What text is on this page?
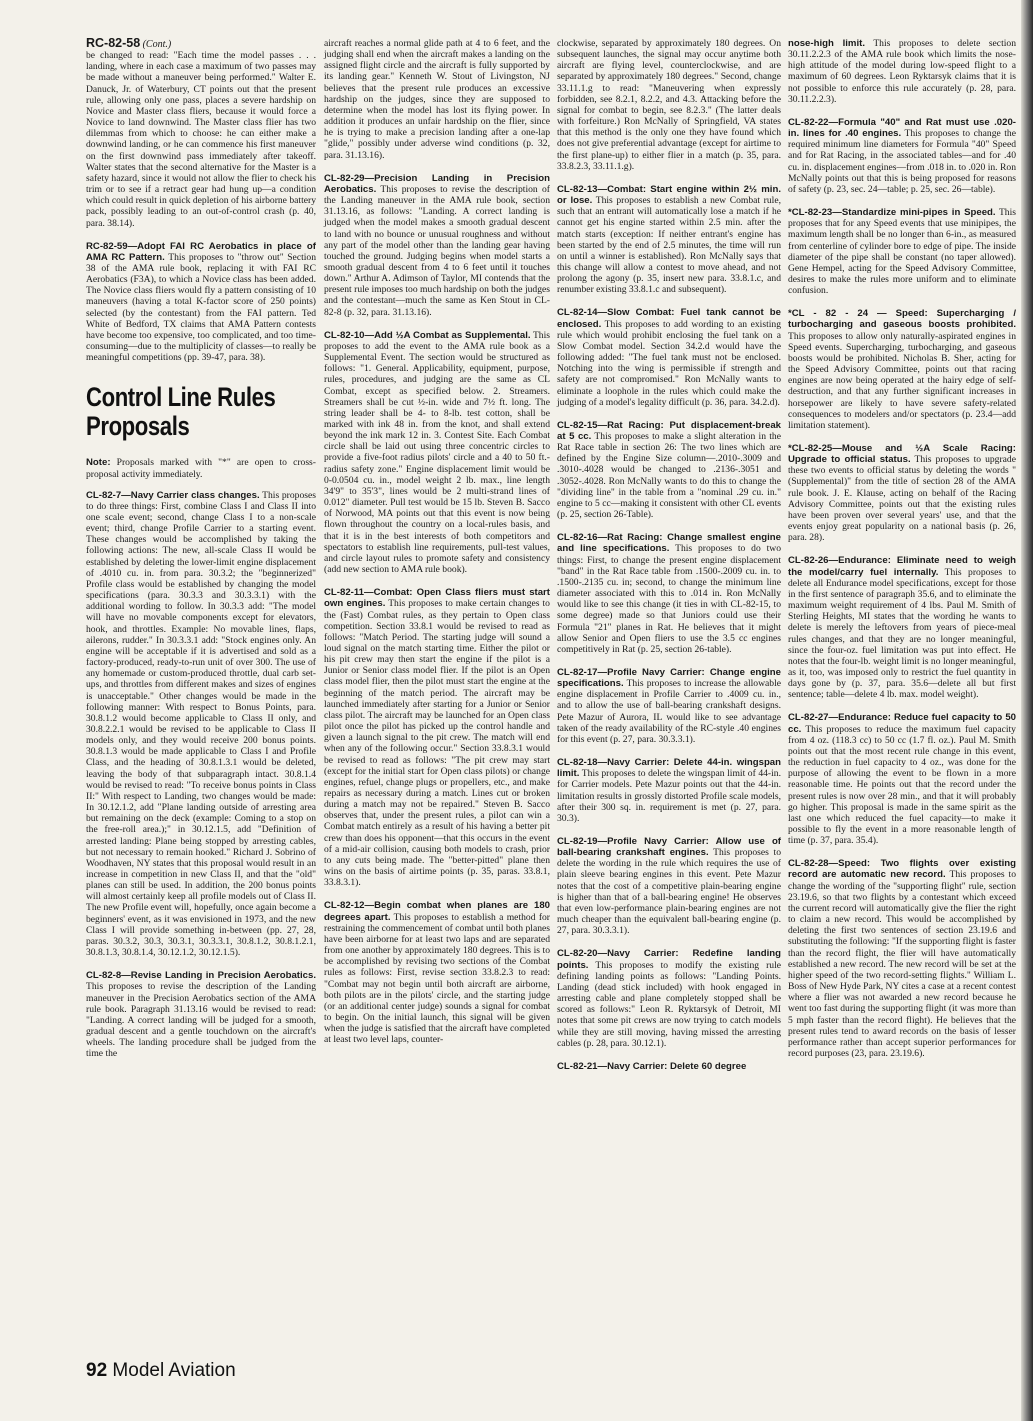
RC-82-58 (Cont.)
be changed to read: "Each time the model passes . . . landing, where in each case a maximum of two passes may be made without a maneuver being performed." Walter E. Danuck, Jr. of Waterbury, CT points out that the present rule, allowing only one pass, places a severe hardship on Novice and Master class fliers, because it would force a Novice to land downwind. The Master class flier has two dilemmas from which to choose: he can either make a downwind landing, or he can commence his first maneuver on the first downwind pass immediately after takeoff. Walter states that the second alternative for the Master is a safety hazard, since it would not allow the flier to check his trim or to see if a retract gear had hung up—a condition which could result in quick depletion of his airborne battery pack, possibly leading to an out-of-control crash (p. 40, para. 38.14).
RC-82-59—Adopt FAI RC Aerobatics in place of AMA RC Pattern. This proposes to "throw out" Section 38 of the AMA rule book, replacing it with FAI RC Aerobatics (F3A), to which a Novice class has been added. The Novice class fliers would fly a pattern consisting of 10 maneuvers (having a total K-factor score of 250 points) selected (by the contestant) from the FAI pattern. Ted White of Bedford, TX claims that AMA Pattern contests have become too expensive, too complicated, and too time-consuming—due to the multiplicity of classes—to really be meaningful competitions (pp. 39-47, para. 38).
Control Line Rules
Proposals
Note: Proposals marked with "*" are open to cross-proposal activity immediately.
CL-82-7—Navy Carrier class changes. This proposes to do three things: First, combine Class I and Class II into one scale event; second, change Class I to a non-scale event; third, change Profile Carrier to a starting event. These changes would be accomplished by taking the following actions: The new, all-scale Class II would be established by deleting the lower-limit engine displacement of .4010 cu. in. from para. 30.3.2; the "beginnerized" Profile class would be established by changing the model specifications (para. 30.3.3 and 30.3.3.1) with the additional wording to follow. In 30.3.3 add: "The model will have no movable components except for elevators, hook, and throttles. Example: No movable lines, flaps, ailerons, rudder." In 30.3.3.1 add: "Stock engines only. An engine will be acceptable if it is advertised and sold as a factory-produced, ready-to-run unit of over 300. The use of any homemade or custom-produced throttle, dual carb set-ups, and throttles from different makes and sizes of engines is unacceptable." Other changes would be made in the following manner: With respect to Bonus Points, para. 30.8.1.2 would become applicable to Class II only, and 30.8.2.2.1 would be revised to be applicable to Class II models only, and they would receive 200 bonus points. 30.8.1.3 would be made applicable to Class I and Profile Class, and the heading of 30.8.1.3.1 would be deleted, leaving the body of that subparagraph intact. 30.8.1.4 would be revised to read: "To receive bonus points in Class II:" With respect to Landing, two changes would be made: In 30.12.1.2, add "Plane landing outside of arresting area but remaining on the deck (example: Coming to a stop on the free-roll area.);" in 30.12.1.5, add "Definition of arrested landing: Plane being stopped by arresting cables, but not necessary to remain hooked." Richard J. Sobrino of Woodhaven, NY states that this proposal would result in an increase in competition in new Class II, and that the "old" planes can still be used. In addition, the 200 bonus points will almost certainly keep all profile models out of Class II. The new Profile event will, hopefully, once again become a beginners' event, as it was envisioned in 1973, and the new Class I will provide something in-between (pp. 27, 28, paras. 30.3.2, 30.3, 30.3.1, 30.3.3.1, 30.8.1.2, 30.8.1.2.1, 30.8.1.3, 30.8.1.4, 30.12.1.2, 30.12.1.5).
CL-82-8—Revise Landing in Precision Aerobatics. This proposes to revise the description of the Landing maneuver in the Precision Aerobatics section of the AMA rule book. Paragraph 31.13.16 would be revised to read: "Landing. A correct landing will be judged for a smooth, gradual descent and a gentle touchdown on the aircraft's wheels. The landing procedure shall be judged from the time the
aircraft reaches a normal glide path at 4 to 6 feet, and the judging shall end when the aircraft makes a landing on the assigned flight circle and the aircraft is fully supported by its landing gear." Kenneth W. Stout of Livingston, NJ believes that the present rule produces an excessive hardship on the judges, since they are supposed to determine when the model has lost its flying power. In addition it produces an unfair hardship on the flier, since he is trying to make a precision landing after a one-lap "glide," possibly under adverse wind conditions (p. 32, para. 31.13.16).
CL-82-29—Precision Landing in Precision Aerobatics. This proposes to revise the description of the Landing maneuver in the AMA rule book, section 31.13.16, as follows: "Landing. A correct landing is judged when the model makes a smooth gradual descent to land with no bounce or unusual roughness and without any part of the model other than the landing gear having touched the ground. Judging begins when model starts a smooth gradual descent from 4 to 6 feet until it touches down." Arthur A. Adimson of Taylor, MI contends that the present rule imposes too much hardship on both the judges and the contestant—much the same as Ken Stout in CL-82-8 (p. 32, para. 31.13.16).
CL-82-10—Add ½A Combat as Supplemental. This proposes to add the event to the AMA rule book as a Supplemental Event. The section would be structured as follows: "1. General. Applicability, equipment, purpose, rules, procedures, and judging are the same as CL Combat, except as specified below. 2. Streamers. Streamers shall be cut ½-in. wide and 7½ ft. long. The string leader shall be 4- to 8-lb. test cotton, shall be marked with ink 48 in. from the knot, and shall extend beyond the ink mark 12 in. 3. Contest Site. Each Combat circle shall be laid out using three concentric circles to provide a five-foot radius pilots' circle and a 40 to 50 ft.-radius safety zone." Engine displacement limit would be 0-0.0504 cu. in., model weight 2 lb. max., line length 34'9" to 35'3", lines would be 2 multi-strand lines of 0.012" diameter. Pull test would be 15 lb. Steven B. Sacco of Norwood, MA points out that this event is now being flown throughout the country on a local-rules basis, and that it is in the best interests of both competitors and spectators to establish line requirements, pull-test values, and circle layout rules to promote safety and consistency (add new section to AMA rule book).
CL-82-11—Combat: Open Class fliers must start own engines. This proposes to make certain changes to the (Fast) Combat rules, as they pertain to Open class competition. Section 33.8.1 would be revised to read as follows: "Match Period. The starting judge will sound a loud signal on the match starting time. Either the pilot or his pit crew may then start the engine if the pilot is a Junior or Senior class model flier. If the pilot is an Open class model flier, then the pilot must start the engine at the beginning of the match period. The aircraft may be launched immediately after starting for a Junior or Senior class pilot. The aircraft may be launched for an Open class pilot once the pilot has picked up the control handle and given a launch signal to the pit crew. The match will end when any of the following occur." Section 33.8.3.1 would be revised to read as follows: "The pit crew may start (except for the initial start for Open class pilots) or change engines, refuel, change plugs or propellers, etc., and make repairs as necessary during a match. Lines cut or broken during a match may not be repaired." Steven B. Sacco observes that, under the present rules, a pilot can win a Combat match entirely as a result of his having a better pit crew than does his opponent—that this occurs in the event of a mid-air collision, causing both models to crash, prior to any cuts being made. The "better-pitted" plane then wins on the basis of airtime points (p. 35, paras. 33.8.1, 33.8.3.1).
CL-82-12—Begin combat when planes are 180 degrees apart. This proposes to establish a method for restraining the commencement of combat until both planes have been airborne for at least two laps and are separated from one another by approximately 180 degrees. This is to be accomplished by revising two sections of the Combat rules as follows: First, revise section 33.8.2.3 to read: "Combat may not begin until both aircraft are airborne, both pilots are in the pilots' circle, and the starting judge (or an additional center judge) sounds a signal for combat to begin. On the initial launch, this signal will be given when the judge is satisfied that the aircraft have completed at least two level laps, counter-
clockwise, separated by approximately 180 degrees. On subsequent launches, the signal may occur anytime both aircraft are flying level, counterclockwise, and are separated by approximately 180 degrees." Second, change 33.11.1.g to read: "Maneuvering when expressly forbidden, see 8.2.1, 8.2.2, and 4.3. Attacking before the signal for combat to begin, see 8.2.3." (The latter deals with forfeiture.) Ron McNally of Springfield, VA states that this method is the only one they have found which does not give preferential advantage (except for airtime to the first plane-up) to either flier in a match (p. 35, para. 33.8.2.3, 33.11.1.g).
CL-82-13—Combat: Start engine within 2½ min. or lose. This proposes to establish a new Combat rule, such that an entrant will automatically lose a match if he cannot get his engine started within 2.5 min. after the match starts (exception: If neither entrant's engine has been started by the end of 2.5 minutes, the time will run on until a winner is established). Ron McNally says that this change will allow a contest to move ahead, and not prolong the agony (p. 35, insert new para. 33.8.1.c, and renumber existing 33.8.1.c and subsequent).
CL-82-14—Slow Combat: Fuel tank cannot be enclosed. This proposes to add wording to an existing rule which would prohibit enclosing the fuel tank on a Slow Combat model. Section 34.2.d would have the following added: "The fuel tank must not be enclosed. Notching into the wing is permissible if strength and safety are not compromised." Ron McNally wants to eliminate a loophole in the rules which could make the judging of a model's legality difficult (p. 36, para. 34.2.d).
CL-82-15—Rat Racing: Put displacement-break at 5 cc. This proposes to make a slight alteration in the Rat Race table in section 26: The two lines which are defined by the Engine Size column—.2010-.3009 and .3010-.4028 would be changed to .2136-.3051 and .3052-.4028. Ron McNally wants to do this to change the "dividing line" in the table from a "nominal .29 cu. in." engine to 5 cc—making it consistent with other CL events (p. 25, section 26-Table).
CL-82-16—Rat Racing: Change smallest engine and line specifications. This proposes to do two things: First, to change the present engine displacement "band" in the Rat Race table from .1500-.2009 cu. in. to .1500-.2135 cu. in; second, to change the minimum line diameter associated with this to .014 in. Ron McNally would like to see this change (it ties in with CL-82-15, to some degree) made so that Juniors could use their Formula "21" planes in Rat. He believes that it might allow Senior and Open fliers to use the 3.5 cc engines competitively in Rat (p. 25, section 26-table).
CL-82-17—Profile Navy Carrier: Change engine specifications. This proposes to increase the allowable engine displacement in Profile Carrier to .4009 cu. in., and to allow the use of ball-bearing crankshaft designs. Pete Mazur of Aurora, IL would like to see advantage taken of the ready availability of the RC-style .40 engines for this event (p. 27, para. 30.3.3.1).
CL-82-18—Navy Carrier: Delete 44-in. wingspan limit. This proposes to delete the wingspan limit of 44-in. for Carrier models. Pete Mazur points out that the 44-in. limitation results in grossly distorted Profile scale models, after their 300 sq. in. requirement is met (p. 27, para. 30.3).
CL-82-19—Profile Navy Carrier: Allow use of ball-bearing crankshaft engines. This proposes to delete the wording in the rule which requires the use of plain sleeve bearing engines in this event. Pete Mazur notes that the cost of a competitive plain-bearing engine is higher than that of a ball-bearing engine! He observes that even low-performance plain-bearing engines are not much cheaper than the equivalent ball-bearing engine (p. 27, para. 30.3.3.1).
CL-82-20—Navy Carrier: Redefine landing points. This proposes to modify the existing rule defining landing points as follows: "Landing Points. Landing (dead stick included) with hook engaged in arresting cable and plane completely stopped shall be scored as follows:" Leon R. Ryktarsyk of Detroit, MI notes that some pit crews are now trying to catch models while they are still moving, having missed the arresting cables (p. 28, para. 30.12.1).
CL-82-21—Navy Carrier: Delete 60 degree
nose-high limit. This proposes to delete section 30.11.2.2.3 of the AMA rule book which limits the nose-high attitude of the model during low-speed flight to a maximum of 60 degrees. Leon Ryktarsyk claims that it is not possible to enforce this rule accurately (p. 28, para. 30.11.2.2.3).
CL-82-22—Formula "40" and Rat must use .020-in. lines for .40 engines. This proposes to change the required minimum line diameters for Formula "40" Speed and for Rat Racing, in the associated tables—and for .40 cu. in. displacement engines—from .018 in. to .020 in. Ron McNally points out that this is being proposed for reasons of safety (p. 23, sec. 24—table; p. 25, sec. 26—table).
*CL-82-23—Standardize mini-pipes in Speed. This proposes that for any Speed events that use minipipes, the maximum length shall be no longer than 6-in., as measured from centerline of cylinder bore to edge of pipe. The inside diameter of the pipe shall be constant (no taper allowed). Gene Hempel, acting for the Speed Advisory Committee, desires to make the rules more uniform and to eliminate confusion.
*CL - 82 - 24 — Speed: Supercharging / turbocharging and gaseous boosts prohibited. This proposes to allow only naturally-aspirated engines in Speed events. Supercharging, turbocharging, and gaseous boosts would be prohibited. Nicholas B. Sher, acting for the Speed Advisory Committee, points out that racing engines are now being operated at the hairy edge of self-destruction, and that any further significant increases in horsepower are likely to have severe safety-related consequences to modelers and/or spectators (p. 23.4—add limitation statement).
*CL-82-25—Mouse and ½A Scale Racing: Upgrade to official status. This proposes to upgrade these two events to official status by deleting the words "(Supplemental)" from the title of section 28 of the AMA rule book. J. E. Klause, acting on behalf of the Racing Advisory Committee, points out that the existing rules have been proven over several years' use, and that the events enjoy great popularity on a national basis (p. 26, para. 28).
CL-82-26—Endurance: Eliminate need to weigh the model/carry fuel internally. This proposes to delete all Endurance model specifications, except for those in the first sentence of paragraph 35.6, and to eliminate the maximum weight requirement of 4 lbs. Paul M. Smith of Sterling Heights, MI states that the wording he wants to delete is merely the leftovers from years of piece-meal rules changes, and that they are no longer meaningful, since the four-oz. fuel limitation was put into effect. He notes that the four-lb. weight limit is no longer meaningful, as it, too, was imposed only to restrict the fuel quantity in days gone by (p. 37, para. 35.6—delete all but first sentence; table—delete 4 lb. max. model weight).
CL-82-27—Endurance: Reduce fuel capacity to 50 cc. This proposes to reduce the maximum fuel capacity from 4 oz. (118.3 cc) to 50 cc (1.7 fl. oz.). Paul M. Smith points out that the most recent rule change in this event, the reduction in fuel capacity to 4 oz., was done for the purpose of allowing the event to be flown in a more reasonable time. He points out that the record under the present rules is now over 28 min., and that it will probably go higher. This proposal is made in the same spirit as the last one which reduced the fuel capacity—to make it possible to fly the event in a more reasonable length of time (p. 37, para. 35.4).
CL-82-28—Speed: Two flights over existing record are automatic new record. This proposes to change the wording of the "supporting flight" rule, section 23.19.6, so that two flights by a contestant which exceed the current record will automatically give the flier the right to claim a new record. This would be accomplished by deleting the first two sentences of section 23.19.6 and substituting the following: "If the supporting flight is faster than the record flight, the flier will have automatically established a new record. The new record will be set at the higher speed of the two record-setting flights." William L. Boss of New Hyde Park, NY cites a case at a recent contest where a flier was not awarded a new record because he went too fast during the supporting flight (it was more than 5 mph faster than the record flight). He believes that the present rules tend to award records on the basis of lesser performance rather than accept superior performances for record purposes (23, para. 23.19.6).
92 Model Aviation
